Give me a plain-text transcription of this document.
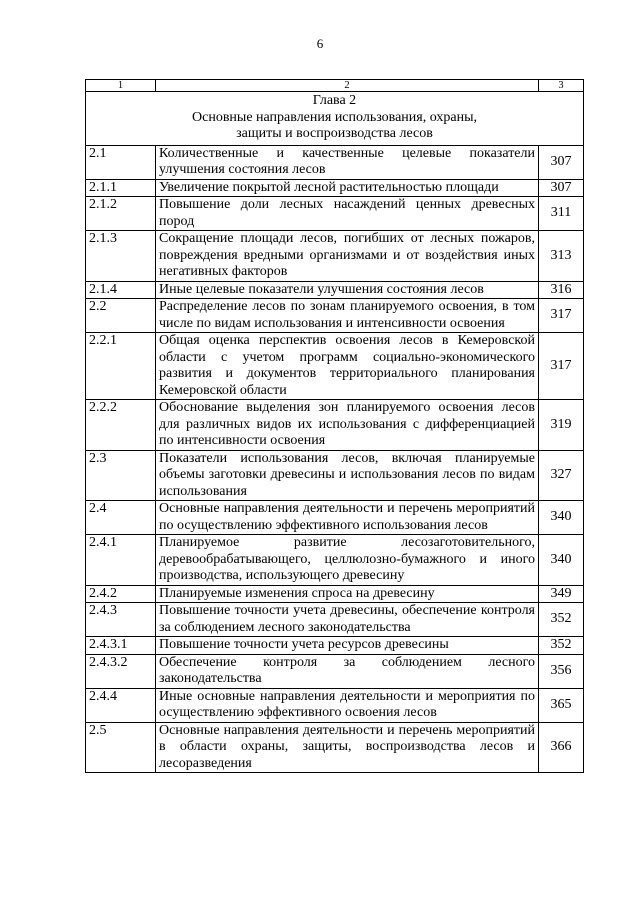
6
1	2	3

Глава 2
Основные направления использования, охраны,
защиты и воспроизводства лесов		

2.1	Количественные и качественные целевые показатели улучшения состояния лесов	307
2.1.1	Увеличение покрытой лесной растительностью площади	307
2.1.2	Повышение доли лесных насаждений ценных древесных пород	311
2.1.3	Сокращение площади лесов, погибших от лесных пожаров, повреждения вредными организмами и от воздействия иных негативных факторов	313
2.1.4	Иные целевые показатели улучшения состояния лесов	316
2.2	Распределение лесов по зонам планируемого освоения, в том числе по видам использования и интенсивности освоения	317
2.2.1	Общая оценка перспектив освоения лесов в Кемеровской области с учетом программ социально-экономического развития и документов территориального планирования Кемеровской области	317
2.2.2	Обоснование выделения зон планируемого освоения лесов для различных видов их использования с дифференциацией по интенсивности освоения	319
2.3	Показатели использования лесов, включая планируемые объемы заготовки древесины и использования лесов по видам использования	327
2.4	Основные направления деятельности и перечень мероприятий по осуществлению эффективного использования лесов	340
2.4.1	Планируемое развитие лесозаготовительного, деревообрабатывающего, целлюлозно-бумажного и иного производства, использующего древесину	340
2.4.2	Планируемые изменения спроса на древесину	349
2.4.3	Повышение точности учета древесины, обеспечение контроля за соблюдением лесного законодательства	352
2.4.3.1	Повышение точности учета ресурсов древесины	352
2.4.3.2	Обеспечение контроля за соблюдением лесного законодательства	356
2.4.4	Иные основные направления деятельности и мероприятия по осуществлению эффективного освоения лесов	365
2.5	Основные направления деятельности и перечень мероприятий в области охраны, защиты, воспроизводства лесов и лесоразведения	366
